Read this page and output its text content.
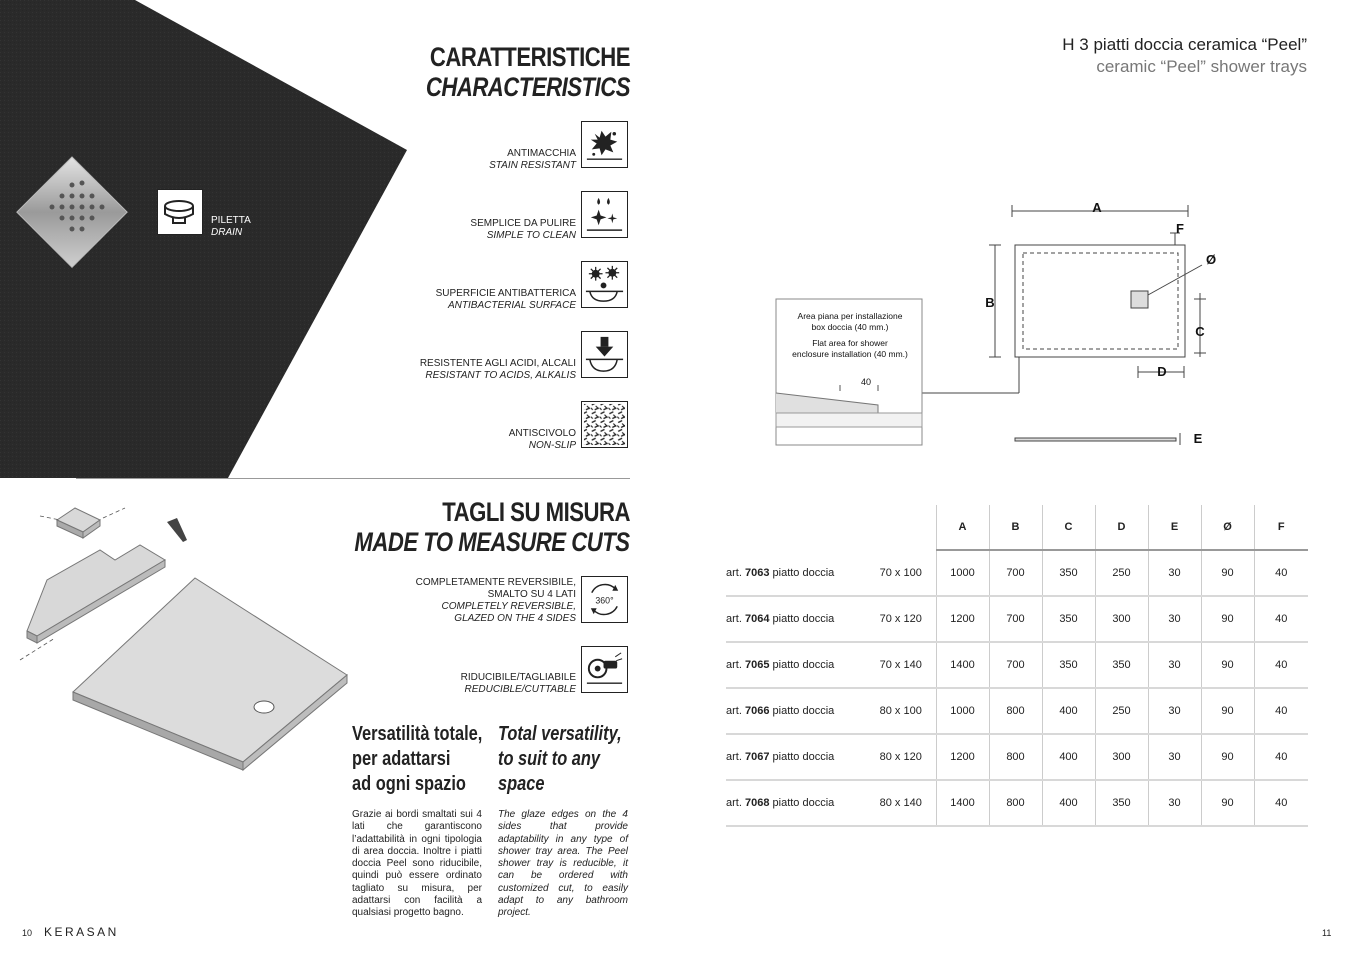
PILETTA
DRAIN
CARATTERISTICHE
CHARACTERISTICS
ANTIMACCHIA
STAIN RESISTANT
SEMPLICE DA PULIRE
SIMPLE TO CLEAN
SUPERFICIE ANTIBATTERICA
ANTIBACTERIAL SURFACE
RESISTENTE AGLI ACIDI, ALCALI
RESISTANT TO ACIDS, ALKALIS
ANTISCIVOLO
NON-SLIP
TAGLI SU MISURA
MADE TO MEASURE CUTS
COMPLETAMENTE REVERSIBILE,
SMALTO SU 4 LATI
COMPLETELY REVERSIBLE,
GLAZED ON THE 4 SIDES
360°
RIDUCIBILE/TAGLIABILE
REDUCIBLE/CUTTABLE
Versatilità totale,
per adattarsi
ad ogni spazio
Total versatility,
to suit to any
space
Grazie ai bordi smaltati sui 4 lati che garantiscono l’adattabilità in ogni tipologia di area doccia. Inoltre i piatti doccia Peel sono riducibile, quindi può essere ordinato tagliato su misura, per adattarsi con facilità a qualsiasi progetto bagno.
The glaze edges on the 4 sides that provide adaptability in any type of shower tray area. The Peel shower tray is reducible, it can be ordered with customized cut, to easily adapt to any bathroom project.
10 KERASAN
H 3 piatti doccia ceramica “Peel”
ceramic “Peel” shower trays
A
B
C
D
E
F
Ø
Area piana per installazione
box doccia (40 mm.)
Flat area for shower
enclosure installation (40 mm.)
40
		A	B	C	D	E	Ø	F
art. 7063 piatto doccia	70 x 100	1000	700	350	250	30	90	40
art. 7064 piatto doccia	70 x 120	1200	700	350	300	30	90	40
art. 7065 piatto doccia	70 x 140	1400	700	350	350	30	90	40
art. 7066 piatto doccia	80 x 100	1000	800	400	250	30	90	40
art. 7067 piatto doccia	80 x 120	1200	800	400	300	30	90	40
art. 7068 piatto doccia	80 x 140	1400	800	400	350	30	90	40
11
